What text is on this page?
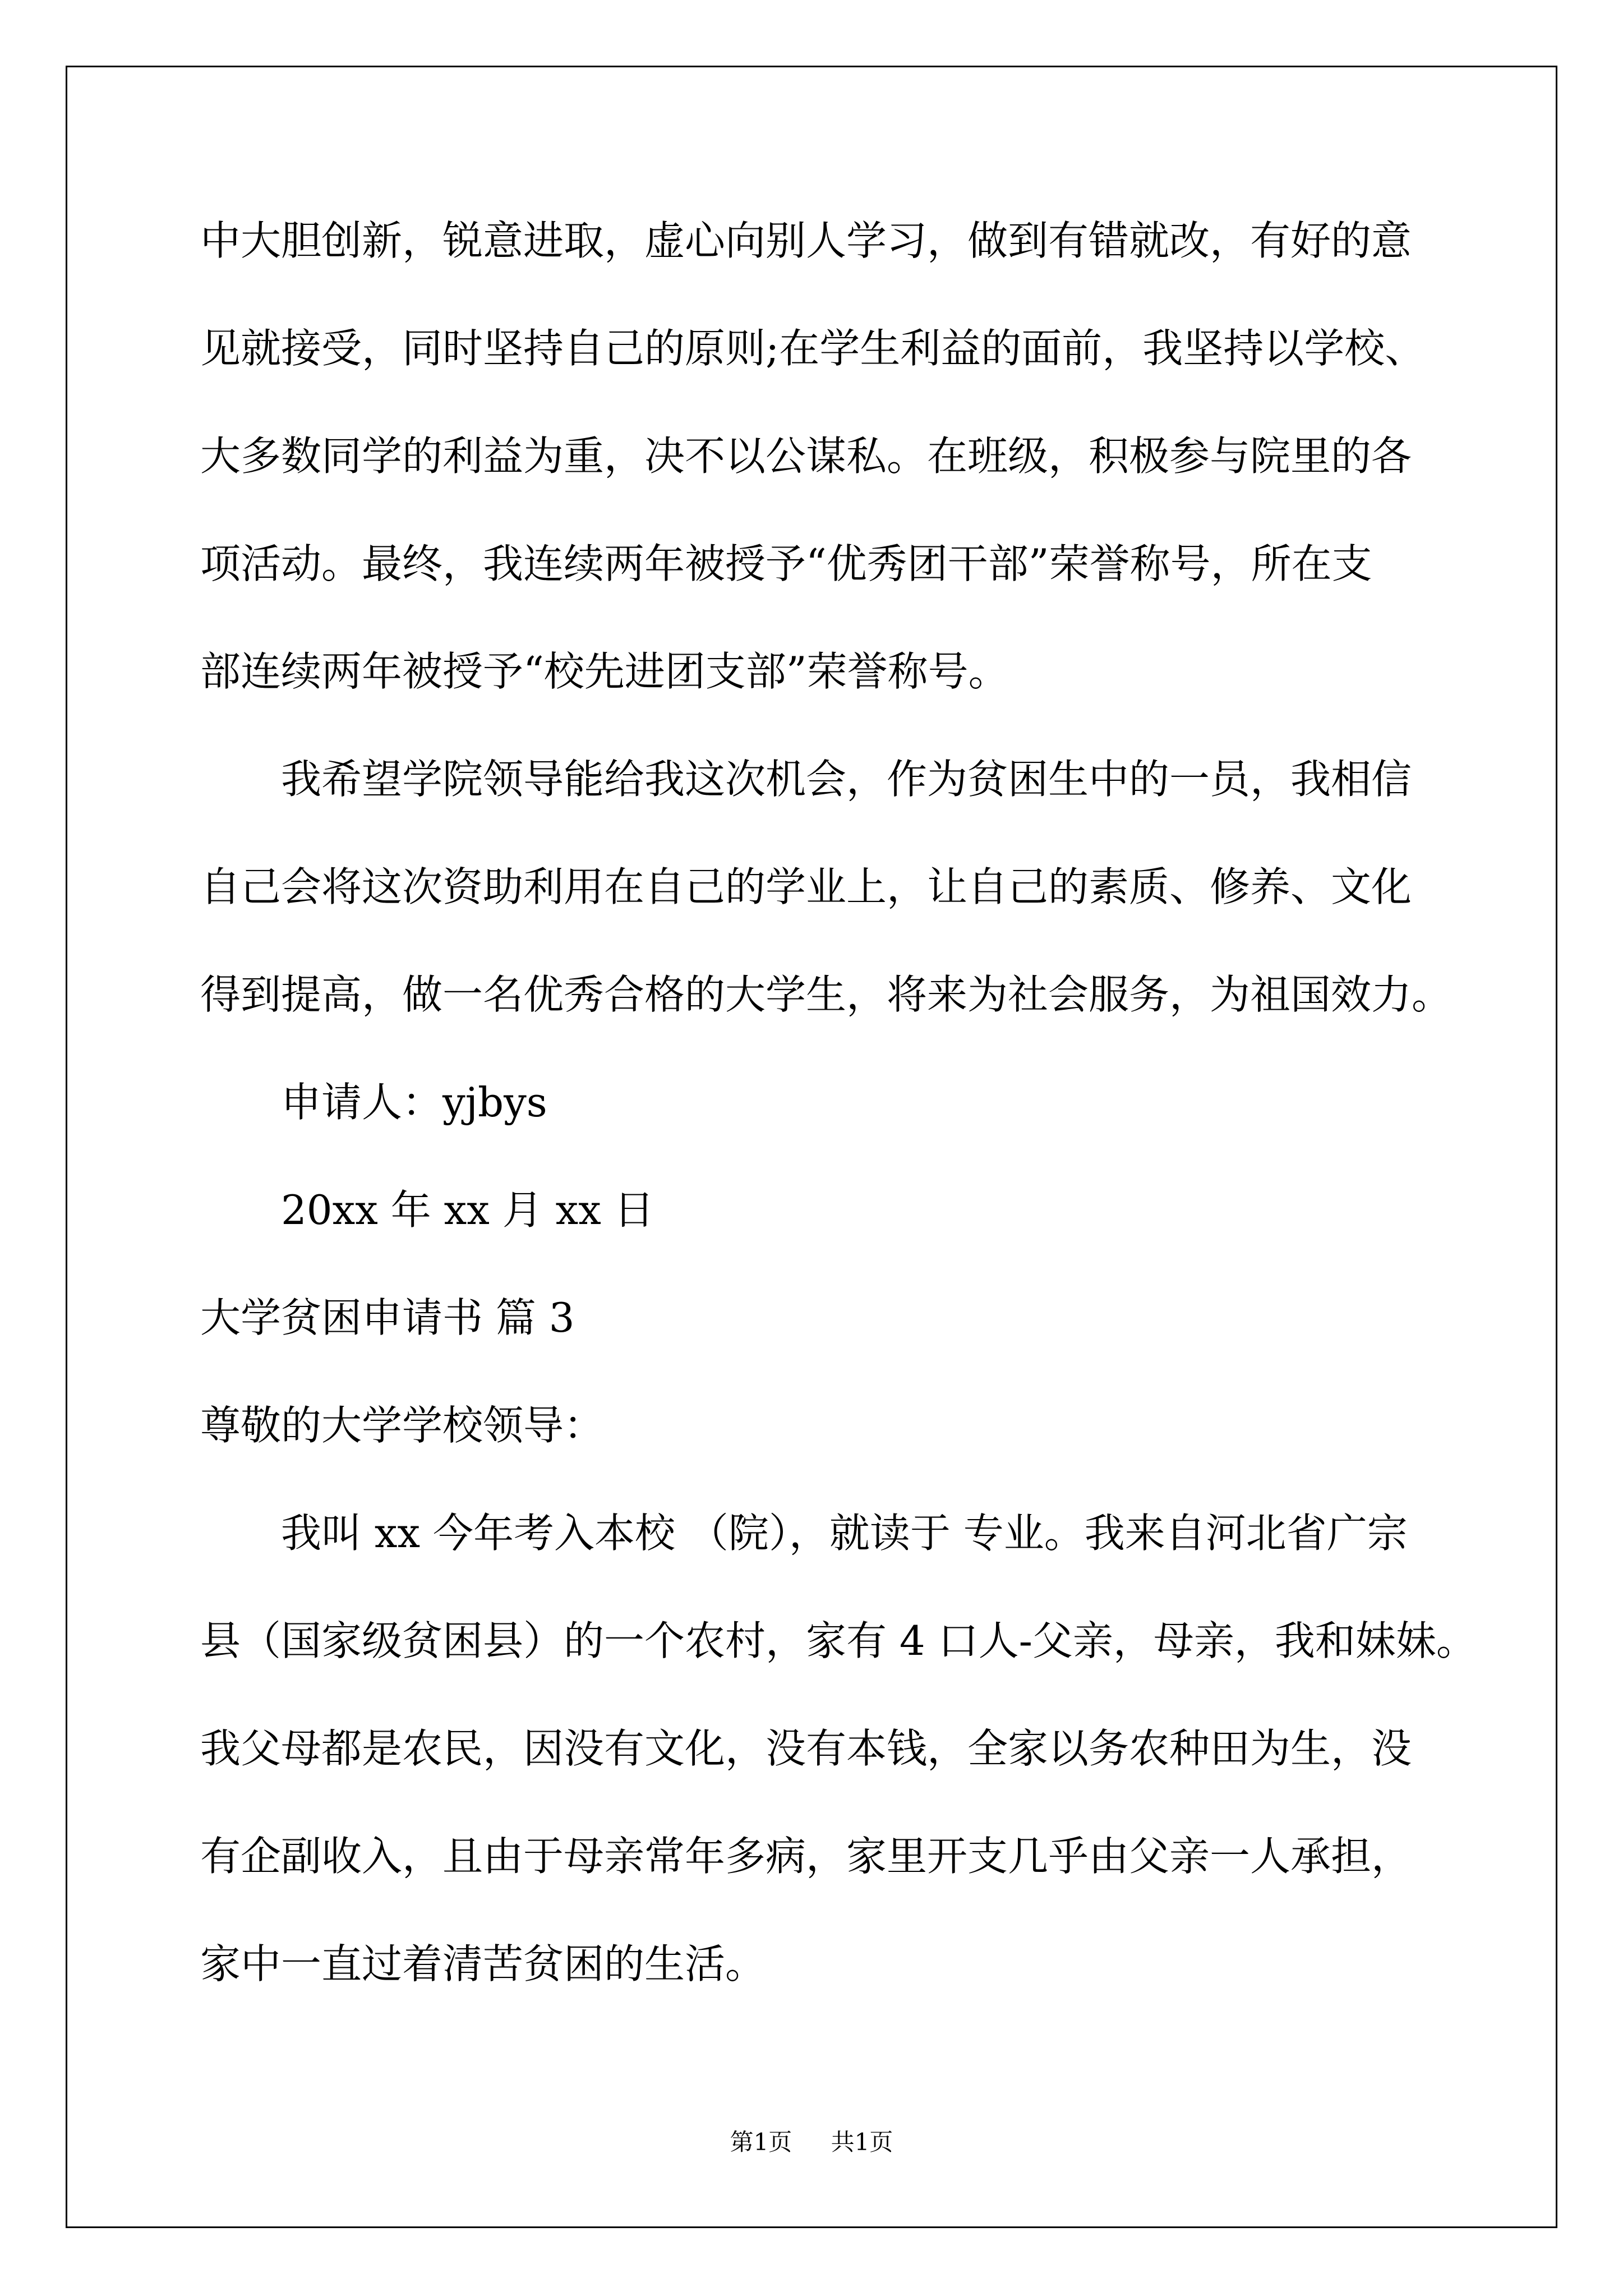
中大胆创新，锐意进取，虚心向别人学习，做到有错就改，有好的意
见就接受，同时坚持自己的原则;在学生利益的面前，我坚持以学校、
大多数同学的利益为重，决不以公谋私。在班级，积极参与院里的各
项活动。最终，我连续两年被授予“优秀团干部”荣誉称号，所在支
部连续两年被授予“校先进团支部”荣誉称号。
我希望学院领导能给我这次机会，作为贫困生中的一员，我相信
自己会将这次资助利用在自己的学业上，让自己的素质、修养、文化
得到提高，做一名优秀合格的大学生，将来为社会服务，为祖国效力。
申请人：yjbys
20xx 年 xx 月 xx 日
大学贫困申请书 篇 3
尊敬的大学学校领导：
我叫 xx 今年考入本校 （院），就读于 专业。我来自河北省广宗
县（国家级贫困县）的一个农村，家有 4 口人-父亲，母亲，我和妹妹。
我父母都是农民，因没有文化，没有本钱，全家以务农种田为生，没
有企副收入，且由于母亲常年多病，家里开支几乎由父亲一人承担，
家中一直过着清苦贫困的生活。
第1页 共1页
